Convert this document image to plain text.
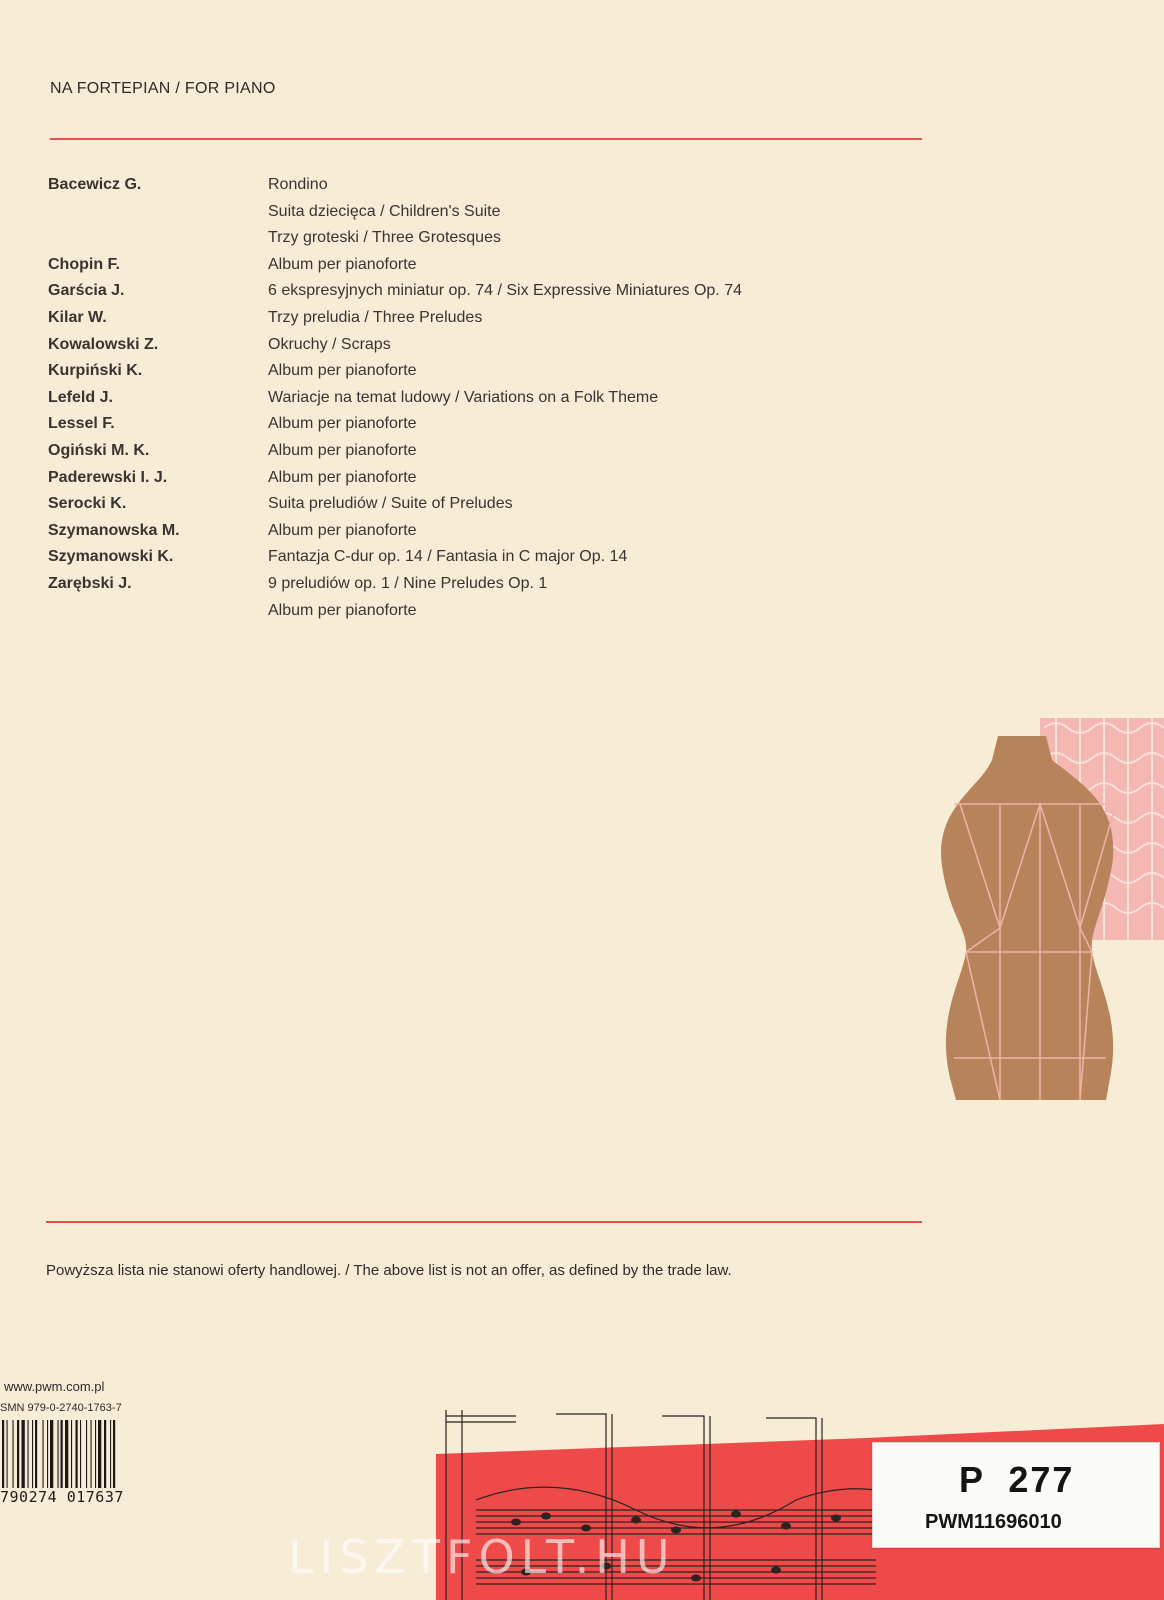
NA FORTEPIAN / FOR PIANO
Bacewicz G.	Rondino
Suita dziecięca / Children's Suite
Trzy groteski / Three Grotesques
Chopin F.	Album per pianoforte
Garścia J.	6 ekspresyjnych miniatur op. 74 / Six Expressive Miniatures Op. 74
Kilar W.	Trzy preludia / Three Preludes
Kowalowski Z.	Okruchy / Scraps
Kurpiński K.	Album per pianoforte
Lefeld J.	Wariacje na temat ludowy / Variations on a Folk Theme
Lessel F.	Album per pianoforte
Ogiński M. K.	Album per pianoforte
Paderewski I. J.	Album per pianoforte
Serocki K.	Suita preludiów / Suite of Preludes
Szymanowska M.	Album per pianoforte
Szymanowski K.	Fantazja C-dur op. 14 / Fantasia in C major Op. 14
Zarębski J.	9 preludiów op. 1 / Nine Preludes Op. 1
Album per pianoforte
Powyższa lista nie stanowi oferty handlowej. / The above list is not an offer, as defined by the trade law.
www.pwm.com.pl
SMN 979-0-2740-1763-7
790274 017637	P  277
PWM11696010
LISZTFOLT.HU
